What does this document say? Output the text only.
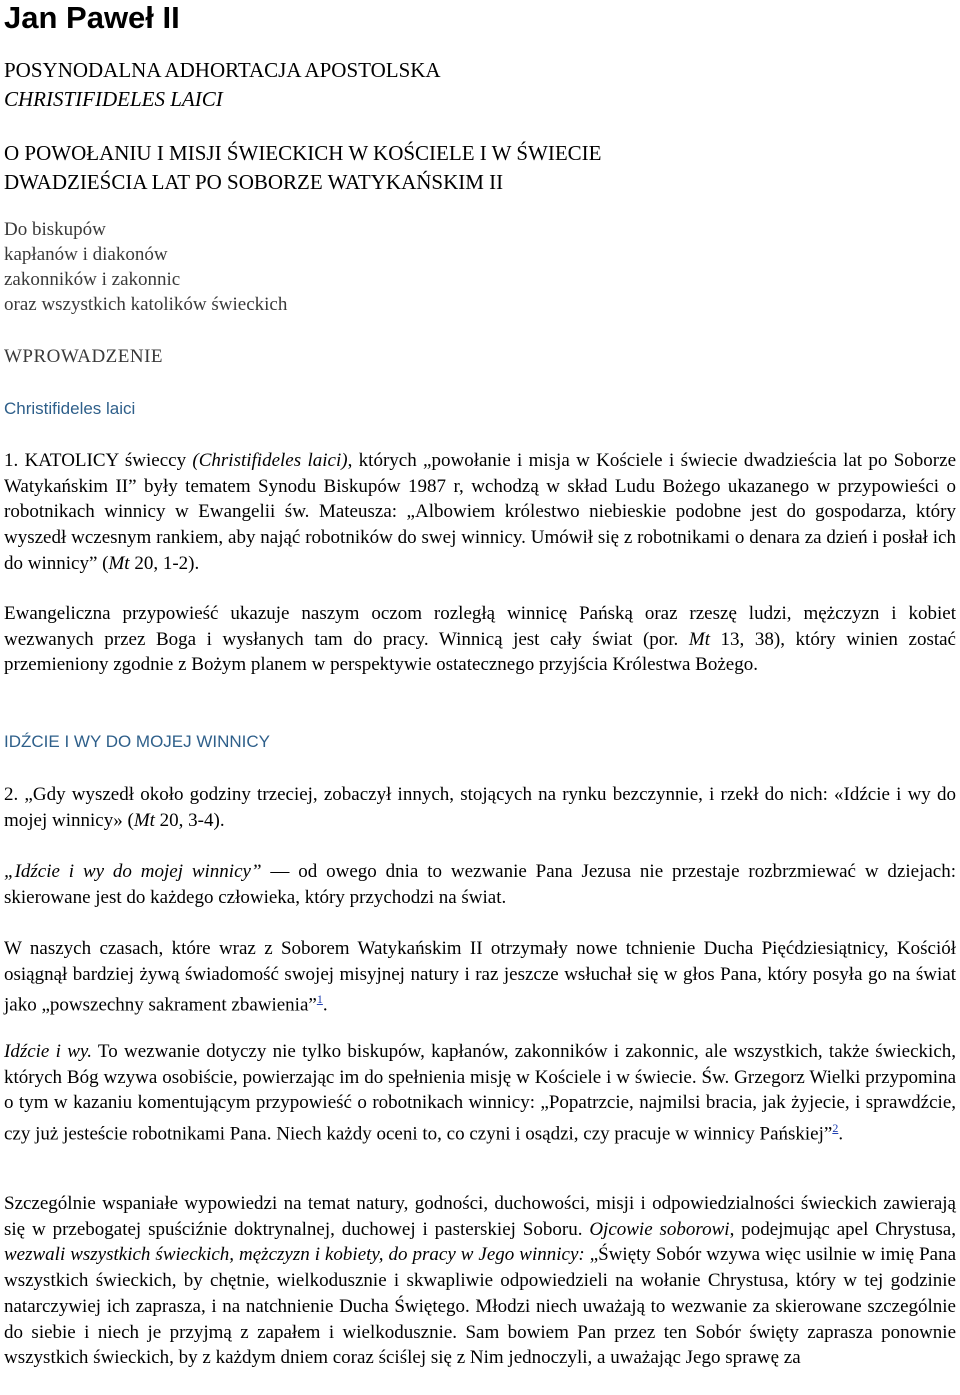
Jan Paweł II
POSYNODALNA ADHORTACJA APOSTOLSKA
CHRISTIFIDELES LAICI
O POWOŁANIU I MISJI ŚWIECKICH W KOŚCIELE I W ŚWIECIE
DWADZIEŚCIA LAT PO SOBORZE WATYKAŃSKIM II
Do biskupów
kapłanów i diakonów
zakonników i zakonnic
oraz wszystkich katolików świeckich
WPROWADZENIE
Christifideles laici
1. KATOLICY świeccy (Christifideles laici), których „powołanie i misja w Kościele i świecie dwadzieścia lat po Soborze Watykańskim II” były tematem Synodu Biskupów 1987 r, wchodzą w skład Ludu Bożego ukazanego w przypowieści o robotnikach winnicy w Ewangelii św. Mateusza: „Albowiem królestwo niebieskie podobne jest do gospodarza, który wyszedł wczesnym rankiem, aby nająć robotników do swej winnicy. Umówił się z robotnikami o denara za dzień i posłał ich do winnicy” (Mt 20, 1-2).
Ewangeliczna przypowieść ukazuje naszym oczom rozległą winnicę Pańską oraz rzeszę ludzi, mężczyzn i kobiet wezwanych przez Boga i wysłanych tam do pracy. Winnicą jest cały świat (por. Mt 13, 38), który winien zostać przemieniony zgodnie z Bożym planem w perspektywie ostatecznego przyjścia Królestwa Bożego.
IDŹCIE I WY DO MOJEJ WINNICY
2. „Gdy wyszedł około godziny trzeciej, zobaczył innych, stojących na rynku bezczynnie, i rzekł do nich: «Idźcie i wy do mojej winnicy» (Mt 20, 3-4).
„Idźcie i wy do mojej winnicy” — od owego dnia to wezwanie Pana Jezusa nie przestaje rozbrzmiewać w dziejach: skierowane jest do każdego człowieka, który przychodzi na świat.
W naszych czasach, które wraz z Soborem Watykańskim II otrzymały nowe tchnienie Ducha Pięćdziesiątnicy, Kościół osiągnął bardziej żywą świadomość swojej misyjnej natury i raz jeszcze wsłuchał się w głos Pana, który posyła go na świat jako „powszechny sakrament zbawienia”$^1$.
Idźcie i wy. To wezwanie dotyczy nie tylko biskupów, kapłanów, zakonników i zakonnic, ale wszystkich, także świeckich, których Bóg wzywa osobiście, powierzając im do spełnienia misję w Kościele i w świecie. Św. Grzegorz Wielki przypomina o tym w kazaniu komentującym przypowieść o robotnikach winnicy: „Popatrzcie, najmilsi bracia, jak żyjecie, i sprawdźcie, czy już jesteście robotnikami Pana. Niech każdy oceni to, co czyni i osądzi, czy pracuje w winnicy Pańskiej”$^2$.
Szczególnie wspaniałe wypowiedzi na temat natury, godności, duchowości, misji i odpowiedzialności świeckich zawierają się w przebogatej spuściźnie doktrynalnej, duchowej i pasterskiej Soboru. Ojcowie soborowi, podejmując apel Chrystusa, wezwali wszystkich świeckich, mężczyzn i kobiety, do pracy w Jego winnicy: „Święty Sobór wzywa więc usilnie w imię Pana wszystkich świeckich, by chętnie, wielkodusznie i skwapliwie odpowiedzieli na wołanie Chrystusa, który w tej godzinie natarczywiej ich zaprasza, i na natchnienie Ducha Świętego. Młodzi niech uważają to wezwanie za skierowane szczególnie do siebie i niech je przyjmą z zapałem i wielkodusznie. Sam bowiem Pan przez ten Sobór święty zaprasza ponownie wszystkich świeckich, by z każdym dniem coraz ściślej się z Nim jednoczyli, a uważając Jego sprawę za
